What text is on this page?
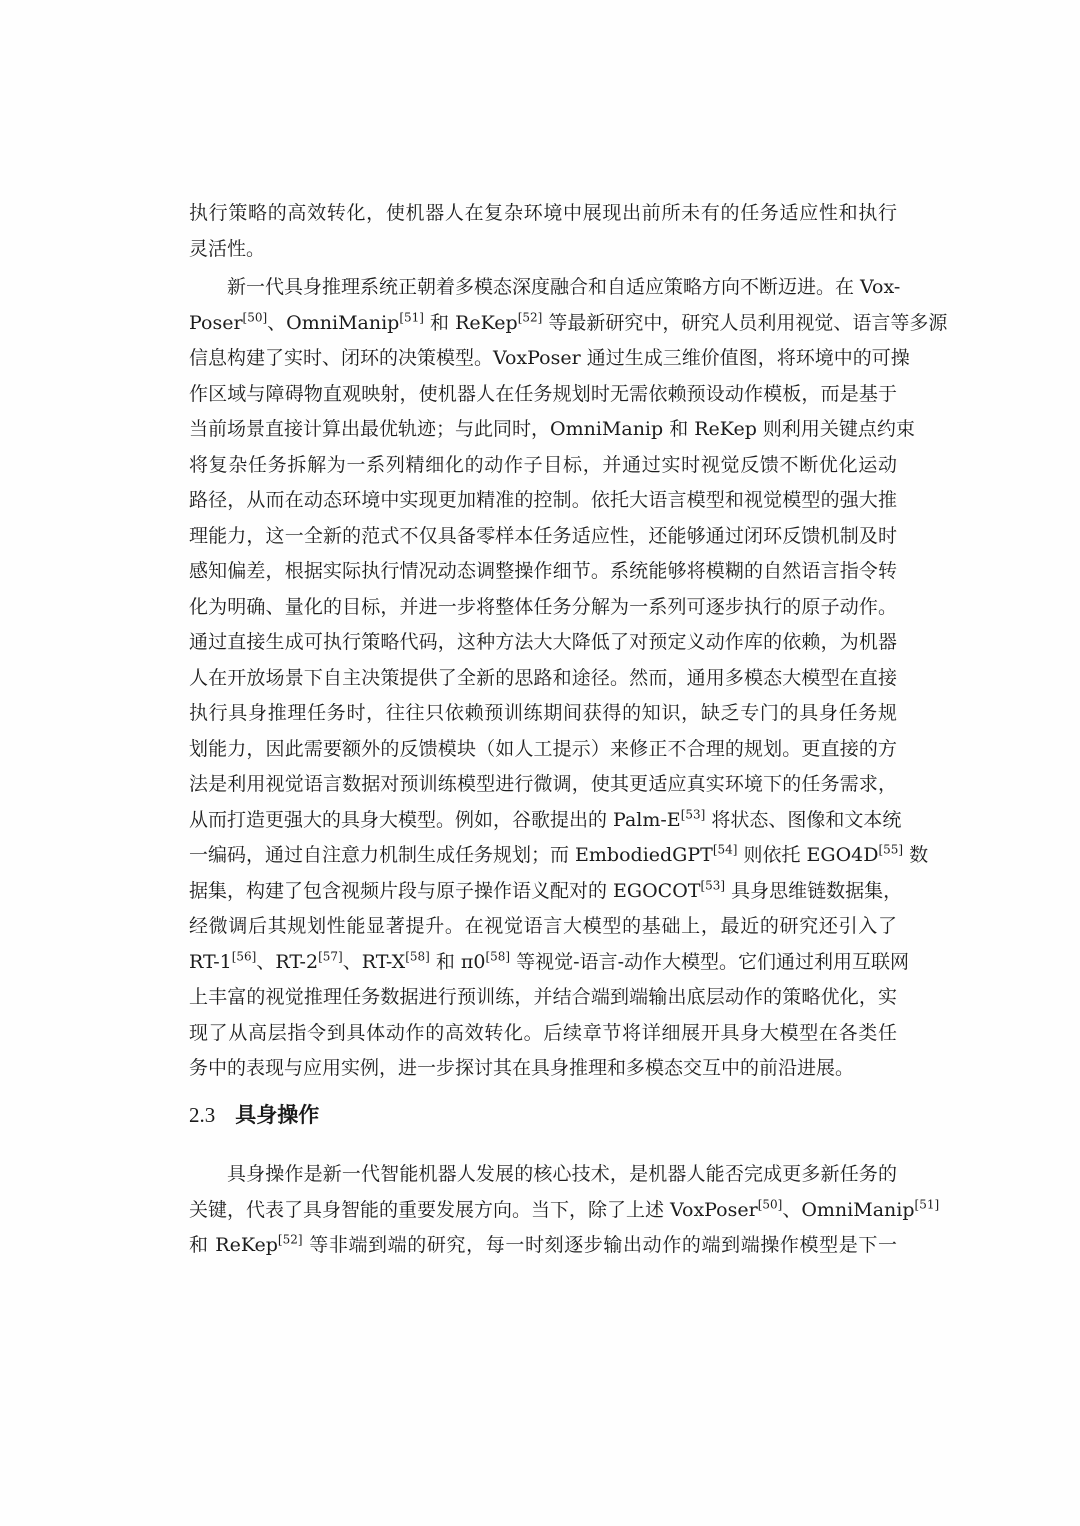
执行策略的高效转化，使机器人在复杂环境中展现出前所未有的任务适应性和执行
灵活性。
新一代具身推理系统正朝着多模态深度融合和自适应策略方向不断迈进。在 Vox-
Poser[50]、OmniManip[51] 和 ReKep[52] 等最新研究中，研究人员利用视觉、语言等多源
信息构建了实时、闭环的决策模型。VoxPoser 通过生成三维价值图，将环境中的可操
作区域与障碍物直观映射，使机器人在任务规划时无需依赖预设动作模板，而是基于
当前场景直接计算出最优轨迹；与此同时，OmniManip 和 ReKep 则利用关键点约束
将复杂任务拆解为一系列精细化的动作子目标，并通过实时视觉反馈不断优化运动
路径，从而在动态环境中实现更加精准的控制。依托大语言模型和视觉模型的强大推
理能力，这一全新的范式不仅具备零样本任务适应性，还能够通过闭环反馈机制及时
感知偏差，根据实际执行情况动态调整操作细节。系统能够将模糊的自然语言指令转
化为明确、量化的目标，并进一步将整体任务分解为一系列可逐步执行的原子动作。
通过直接生成可执行策略代码，这种方法大大降低了对预定义动作库的依赖，为机器
人在开放场景下自主决策提供了全新的思路和途径。然而，通用多模态大模型在直接
执行具身推理任务时，往往只依赖预训练期间获得的知识，缺乏专门的具身任务规
划能力，因此需要额外的反馈模块（如人工提示）来修正不合理的规划。更直接的方
法是利用视觉语言数据对预训练模型进行微调，使其更适应真实环境下的任务需求，
从而打造更强大的具身大模型。例如，谷歌提出的 Palm-E[53] 将状态、图像和文本统
一编码，通过自注意力机制生成任务规划；而 EmbodiedGPT[54] 则依托 EGO4D[55] 数
据集，构建了包含视频片段与原子操作语义配对的 EGOCOT[53] 具身思维链数据集，
经微调后其规划性能显著提升。在视觉语言大模型的基础上，最近的研究还引入了
RT-1[56]、RT-2[57]、RT-X[58] 和 π0[58] 等视觉-语言-动作大模型。它们通过利用互联网
上丰富的视觉推理任务数据进行预训练，并结合端到端输出底层动作的策略优化，实
现了从高层指令到具体动作的高效转化。后续章节将详细展开具身大模型在各类任
务中的表现与应用实例，进一步探讨其在具身推理和多模态交互中的前沿进展。
2.3 具身操作
具身操作是新一代智能机器人发展的核心技术，是机器人能否完成更多新任务的
关键，代表了具身智能的重要发展方向。当下，除了上述 VoxPoser[50]、OmniManip[51]
和 ReKep[52] 等非端到端的研究，每一时刻逐步输出动作的端到端操作模型是下一
